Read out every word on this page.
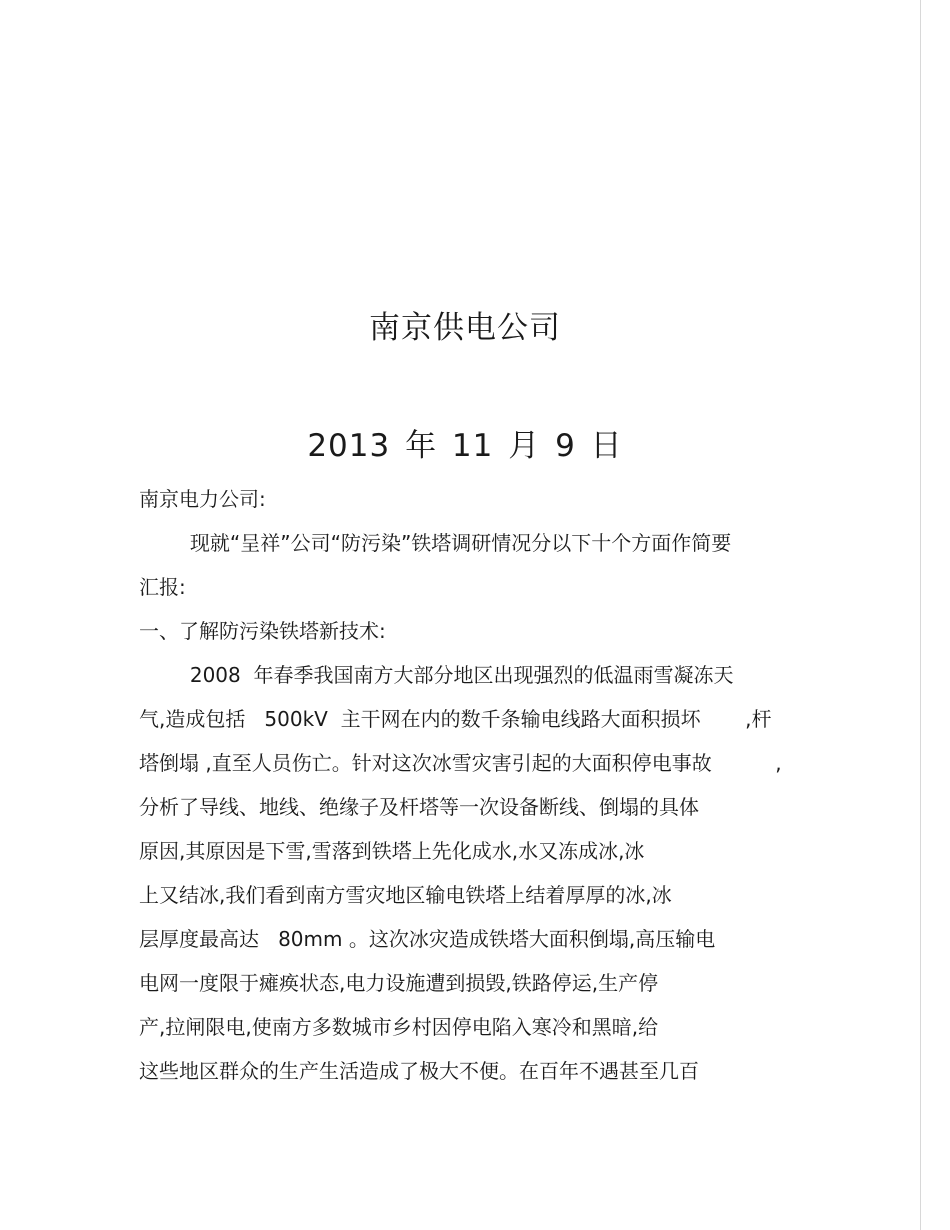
南京供电公司
2013 年 11 月 9 日
南京电力公司:
现就“呈祥”公司“防污染”铁塔调研情况分以下十个方面作简要
汇报:
一、了解防污染铁塔新技术:
2008  年春季我国南方大部分地区出现强烈的低温雨雪凝冻天
气,造成包括   500kV  主干网在内的数千条输电线路大面积损坏       ,杆
塔倒塌 ,直至人员伤亡。针对这次冰雪灾害引起的大面积停电事故          ,
分析了导线、地线、绝缘子及杆塔等一次设备断线、倒塌的具体
原因,其原因是下雪,雪落到铁塔上先化成水,水又冻成冰,冰
上又结冰,我们看到南方雪灾地区输电铁塔上结着厚厚的冰,冰
层厚度最高达   80mm 。这次冰灾造成铁塔大面积倒塌,高压输电
电网一度限于瘫痪状态,电力设施遭到损毁,铁路停运,生产停
产,拉闸限电,使南方多数城市乡村因停电陷入寒冷和黑暗,给
这些地区群众的生产生活造成了极大不便。在百年不遇甚至几百
